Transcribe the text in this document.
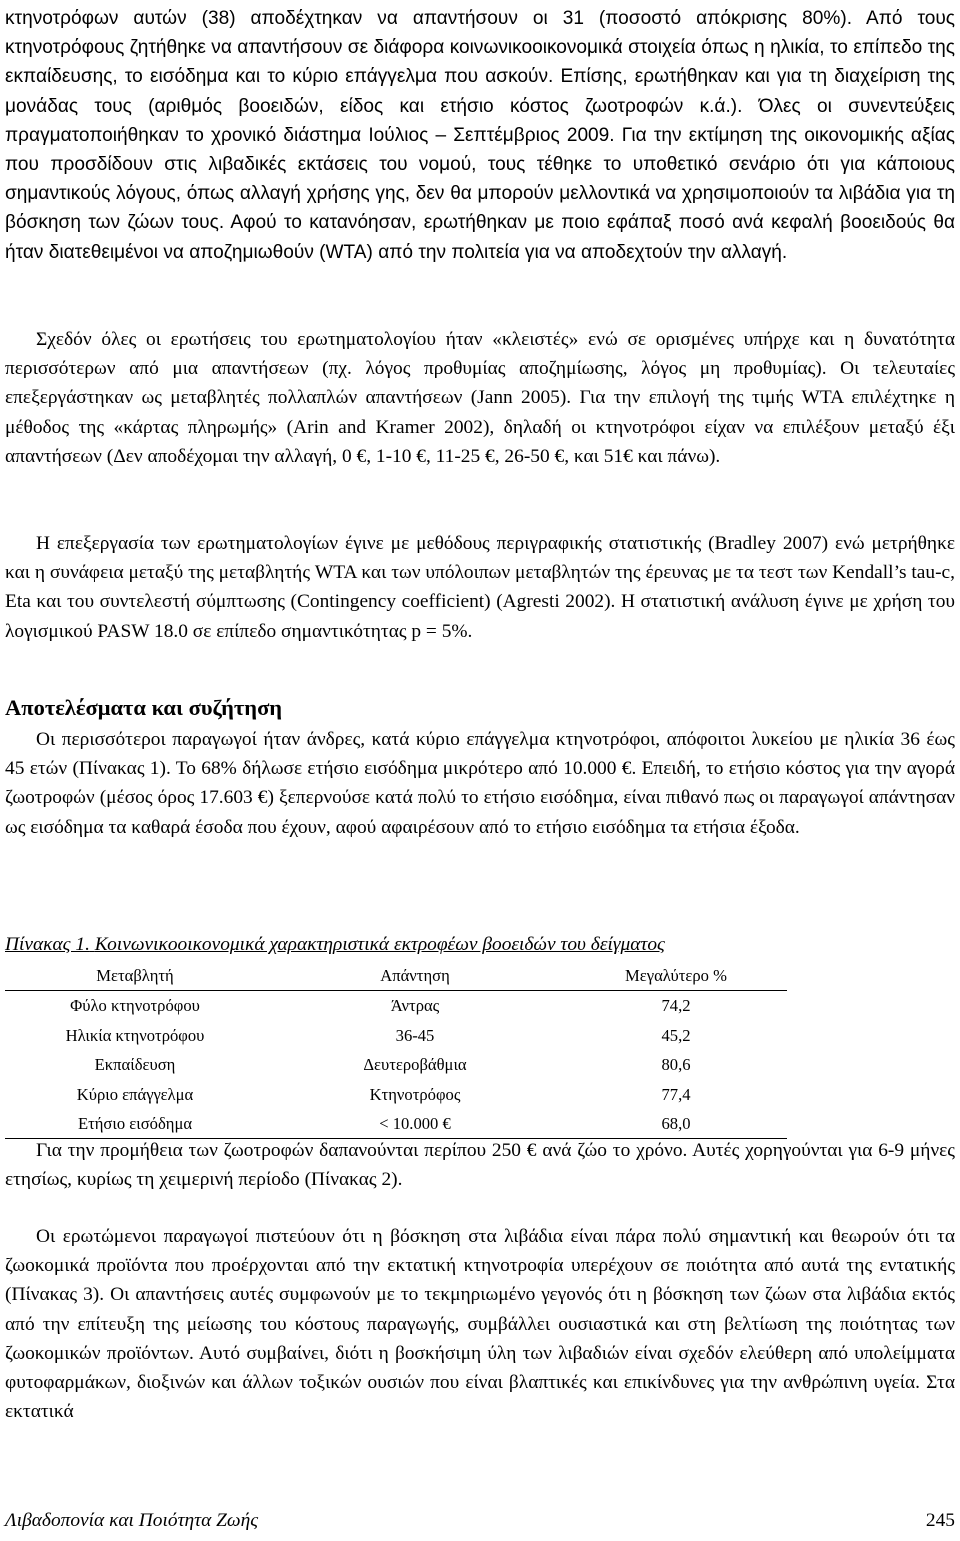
κτηνοτρόφων αυτών (38) αποδέχτηκαν να απαντήσουν οι 31 (ποσοστό απόκρισης 80%). Από τους κτηνοτρόφους ζητήθηκε να απαντήσουν σε διάφορα κοινωνικοοικονομικά στοιχεία όπως η ηλικία, το επίπεδο της εκπαίδευσης, το εισόδημα και το κύριο επάγγελμα που ασκούν. Επίσης, ερωτήθηκαν και για τη διαχείριση της μονάδας τους (αριθμός βοοειδών, είδος και ετήσιο κόστος ζωοτροφών κ.ά.). Όλες οι συνεντεύξεις πραγματοποιήθηκαν το χρονικό διάστημα Ιούλιος – Σεπτέμβριος 2009. Για την εκτίμηση της οικονομικής αξίας που προσδίδουν στις λιβαδικές εκτάσεις του νομού, τους τέθηκε το υποθετικό σενάριο ότι για κάποιους σημαντικούς λόγους, όπως αλλαγή χρήσης γης, δεν θα μπορούν μελλοντικά να χρησιμοποιούν τα λιβάδια για τη βόσκηση των ζώων τους. Αφού το κατανόησαν, ερωτήθηκαν με ποιο εφάπαξ ποσό ανά κεφαλή βοοειδούς θα ήταν διατεθειμένοι να αποζημιωθούν (WTA) από την πολιτεία για να αποδεχτούν την αλλαγή.

Σχεδόν όλες οι ερωτήσεις του ερωτηματολογίου ήταν «κλειστές» ενώ σε ορισμένες υπήρχε και η δυνατότητα περισσότερων από μια απαντήσεων (πχ. λόγος προθυμίας αποζημίωσης, λόγος μη προθυμίας). Οι τελευταίες επεξεργάστηκαν ως μεταβλητές πολλαπλών απαντήσεων (Jann 2005). Για την επιλογή της τιμής WTA επιλέχτηκε η μέθοδος της «κάρτας πληρωμής» (Arin and Kramer 2002), δηλαδή οι κτηνοτρόφοι είχαν να επιλέξουν μεταξύ έξι απαντήσεων (Δεν αποδέχομαι την αλλαγή, 0 €, 1-10 €, 11-25 €, 26-50 €, και 51€ και πάνω).

Η επεξεργασία των ερωτηματολογίων έγινε με μεθόδους περιγραφικής στατιστικής (Bradley 2007) ενώ μετρήθηκε και η συνάφεια μεταξύ της μεταβλητής WTA και των υπόλοιπων μεταβλητών της έρευνας με τα τεστ των Kendall’s tau-c, Eta και του συντελεστή σύμπτωσης (Contingency coefficient) (Agresti 2002). Η στατιστική ανάλυση έγινε με χρήση του λογισμικού PASW 18.0 σε επίπεδο σημαντικότητας p = 5%.

Αποτελέσματα και συζήτηση

Οι περισσότεροι παραγωγοί ήταν άνδρες, κατά κύριο επάγγελμα κτηνοτρόφοι, απόφοιτοι λυκείου με ηλικία 36 έως 45 ετών (Πίνακας 1). Το 68% δήλωσε ετήσιο εισόδημα μικρότερο από 10.000 €. Επειδή, το ετήσιο κόστος για την αγορά ζωοτροφών (μέσος όρος 17.603 €) ξεπερνούσε κατά πολύ το ετήσιο εισόδημα, είναι πιθανό πως οι παραγωγοί απάντησαν ως εισόδημα τα καθαρά έσοδα που έχουν, αφού αφαιρέσουν από το ετήσιο εισόδημα τα ετήσια έξοδα.

Πίνακας 1. Κοινωνικοοικονομικά χαρακτηριστικά εκτροφέων βοοειδών του δείγματος

Μεταβλητή	Απάντηση	Μεγαλύτερο %
Φύλο κτηνοτρόφου	Άντρας	74,2
Ηλικία κτηνοτρόφου	36-45	45,2
Εκπαίδευση	Δευτεροβάθμια	80,6
Κύριο επάγγελμα	Κτηνοτρόφος	77,4
Ετήσιο εισόδημα	< 10.000 €	68,0

Για την προμήθεια των ζωοτροφών δαπανούνται περίπου 250 € ανά ζώο το χρόνο. Αυτές χορηγούνται για 6-9 μήνες ετησίως, κυρίως τη χειμερινή περίοδο (Πίνακας 2).

Οι ερωτώμενοι παραγωγοί πιστεύουν ότι η βόσκηση στα λιβάδια είναι πάρα πολύ σημαντική και θεωρούν ότι τα ζωοκομικά προϊόντα που προέρχονται από την εκτατική κτηνοτροφία υπερέχουν σε ποιότητα από αυτά της εντατικής (Πίνακας 3). Οι απαντήσεις αυτές συμφωνούν με το τεκμηριωμένο γεγονός ότι η βόσκηση των ζώων στα λιβάδια εκτός από την επίτευξη της μείωσης του κόστους παραγωγής, συμβάλλει ουσιαστικά και στη βελτίωση της ποιότητας των ζωοκομικών προϊόντων. Αυτό συμβαίνει, διότι η βοσκήσιμη ύλη των λιβαδιών είναι σχεδόν ελεύθερη από υπολείμματα φυτοφαρμάκων, διοξινών και άλλων τοξικών ουσιών που είναι βλαπτικές και επικίνδυνες για την ανθρώπινη υγεία. Στα εκτατικά

Λιβαδοπονία και Ποιότητα Ζωής	245
